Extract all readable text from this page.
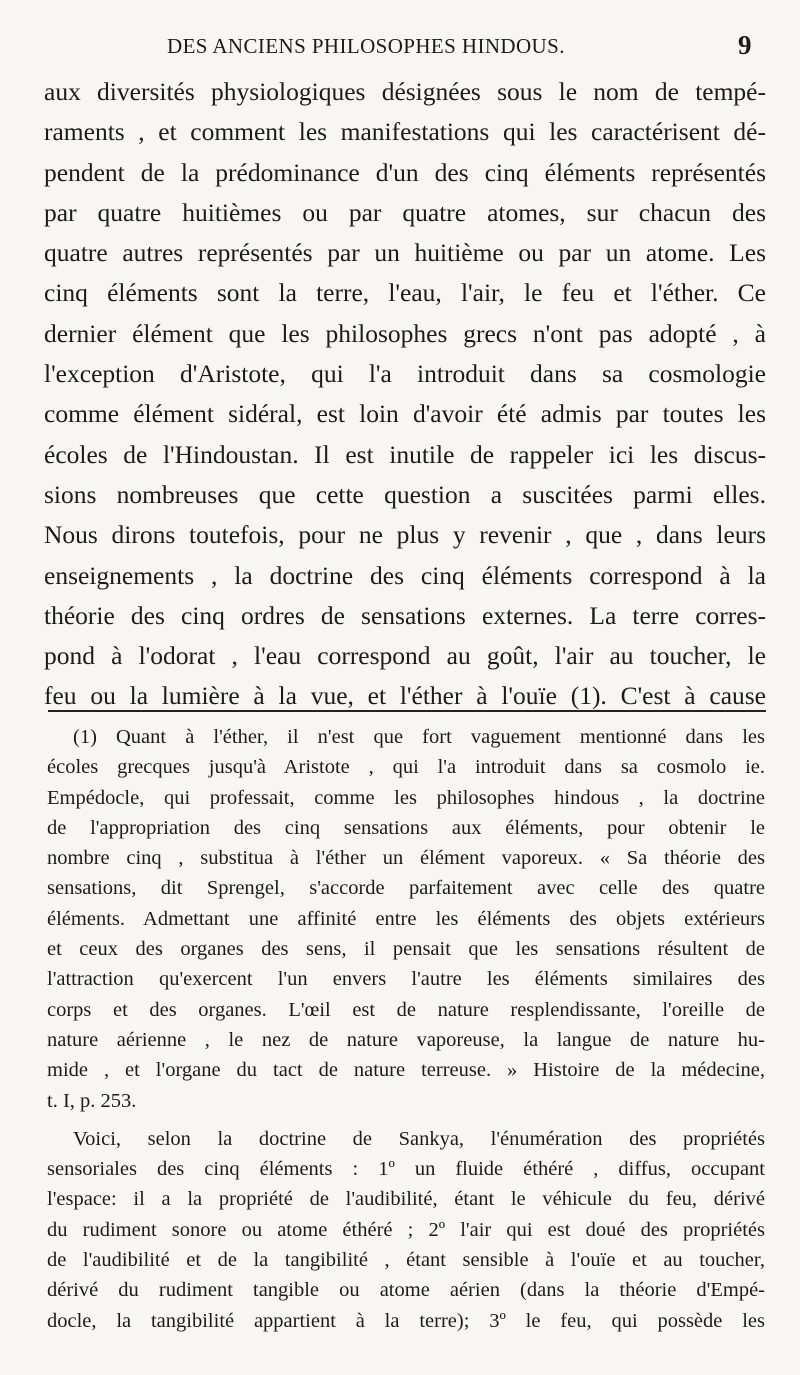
DES ANCIENS PHILOSOPHES HINDOUS.	9
aux diversités physiologiques désignées sous le nom de tempé-
raments , et comment les manifestations qui les caractérisent dé-
pendent de la prédominance d'un des cinq éléments représentés
par quatre huitièmes ou par quatre atomes, sur chacun des
quatre autres représentés par un huitième ou par un atome. Les
cinq éléments sont la terre, l'eau, l'air, le feu et l'éther. Ce
dernier élément que les philosophes grecs n'ont pas adopté , à
l'exception d'Aristote, qui l'a introduit dans sa cosmologie
comme élément sidéral, est loin d'avoir été admis par toutes les
écoles de l'Hindoustan. Il est inutile de rappeler ici les discus-
sions nombreuses que cette question a suscitées parmi elles.
Nous dirons toutefois, pour ne plus y revenir , que , dans leurs
enseignements , la doctrine des cinq éléments correspond à la
théorie des cinq ordres de sensations externes. La terre corres-
pond à l'odorat , l'eau correspond au goût, l'air au toucher, le
feu ou la lumière à la vue, et l'éther à l'ouïe (1). C'est à cause
(1) Quant à l'éther, il n'est que fort vaguement mentionné dans les
écoles grecques jusqu'à Aristote , qui l'a introduit dans sa cosmolo ie.
Empédocle, qui professait, comme les philosophes hindous , la doctrine
de l'appropriation des cinq sensations aux éléments, pour obtenir le
nombre cinq , substitua à l'éther un élément vaporeux. « Sa théorie des
sensations, dit Sprengel, s'accorde parfaitement avec celle des quatre
éléments. Admettant une affinité entre les éléments des objets extérieurs
et ceux des organes des sens, il pensait que les sensations résultent de
l'attraction qu'exercent l'un envers l'autre les éléments similaires des
corps et des organes. L'œil est de nature resplendissante, l'oreille de
nature aérienne , le nez de nature vaporeuse, la langue de nature hu-
mide , et l'organe du tact de nature terreuse. » Histoire de la médecine,
t. I, p. 253.
Voici, selon la doctrine de Sankya, l'énumération des propriétés
sensoriales des cinq éléments : 1º un fluide éthéré , diffus, occupant
l'espace: il a la propriété de l'audibilité, étant le véhicule du feu, dérivé
du rudiment sonore ou atome éthéré ; 2º l'air qui est doué des propriétés
de l'audibilité et de la tangibilité , étant sensible à l'ouïe et au toucher,
dérivé du rudiment tangible ou atome aérien (dans la théorie d'Empé-
docle, la tangibilité appartient à la terre); 3º le feu, qui possède les
